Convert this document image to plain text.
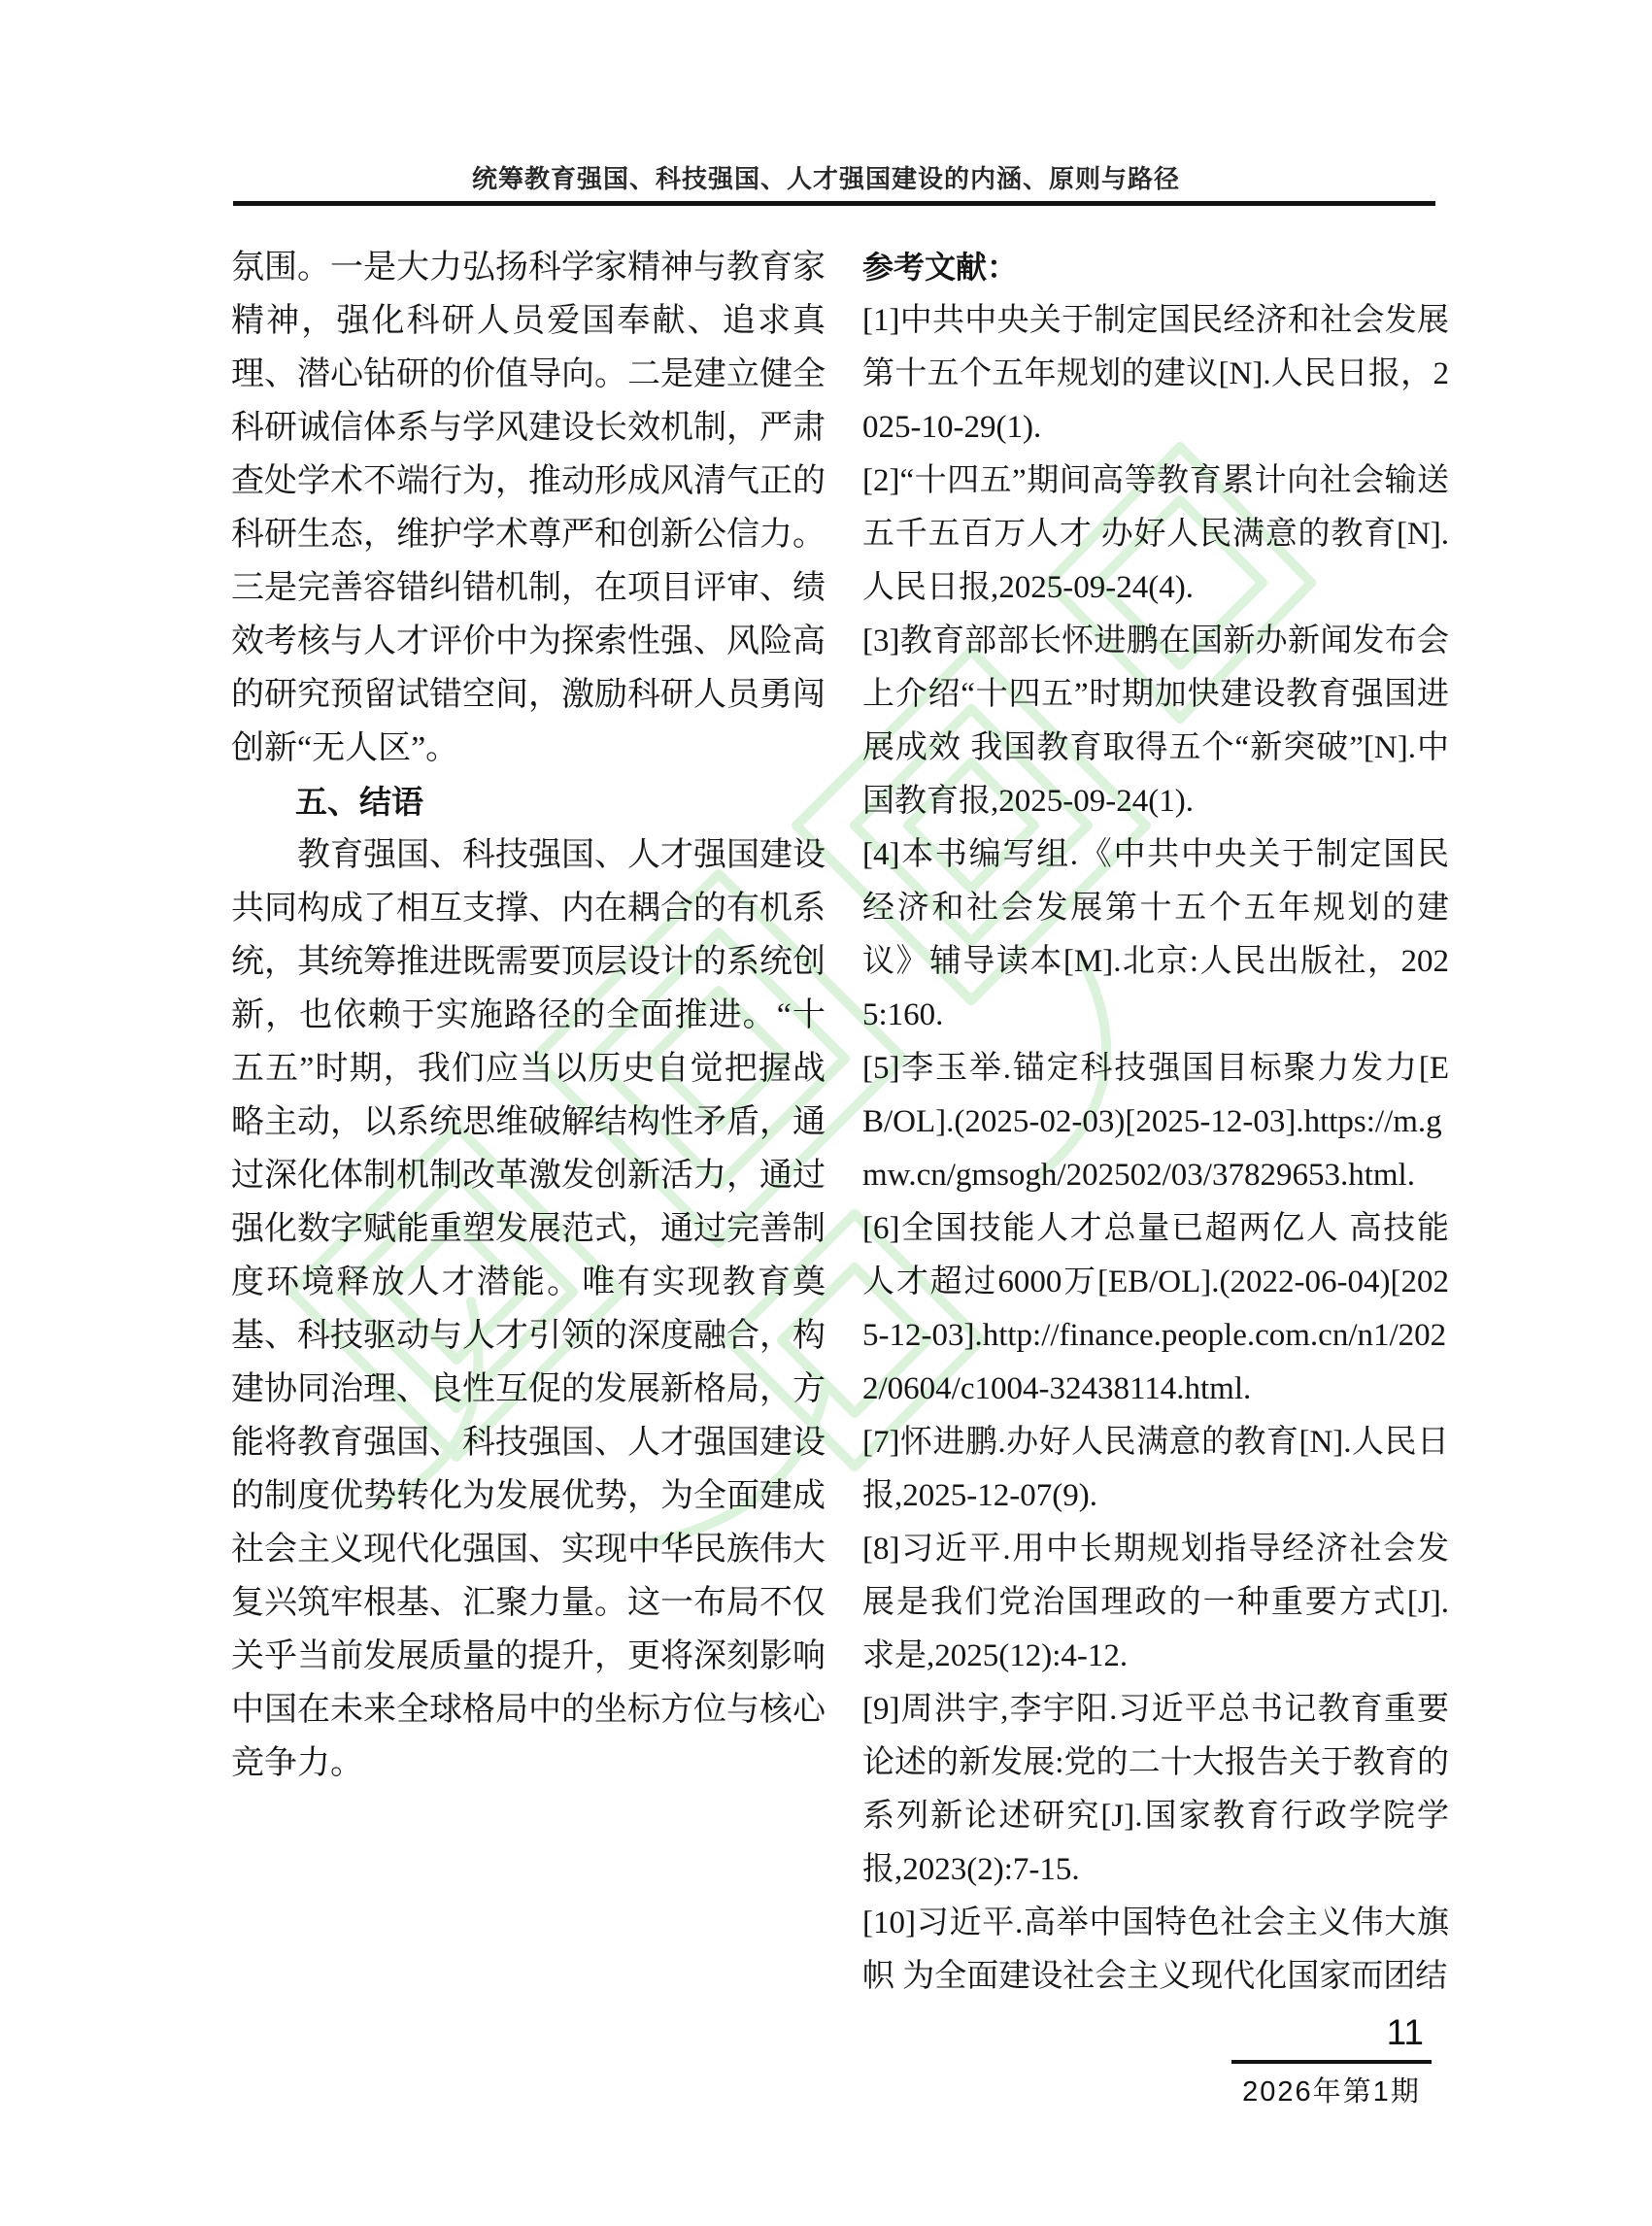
统筹教育强国、科技强国、人才强国建设的内涵、原则与路径

氛围。一是大力弘扬科学家精神与教育家精神，强化科研人员爱国奉献、追求真理、潜心钻研的价值导向。二是建立健全科研诚信体系与学风建设长效机制，严肃查处学术不端行为，推动形成风清气正的科研生态，维护学术尊严和创新公信力。三是完善容错纠错机制，在项目评审、绩效考核与人才评价中为探索性强、风险高的研究预留试错空间，激励科研人员勇闯创新“无人区”。

五、结语

教育强国、科技强国、人才强国建设共同构成了相互支撑、内在耦合的有机系统，其统筹推进既需要顶层设计的系统创新，也依赖于实施路径的全面推进。“十五五”时期，我们应当以历史自觉把握战略主动，以系统思维破解结构性矛盾，通过深化体制机制改革激发创新活力，通过强化数字赋能重塑发展范式，通过完善制度环境释放人才潜能。唯有实现教育奠基、科技驱动与人才引领的深度融合，构建协同治理、良性互促的发展新格局，方能将教育强国、科技强国、人才强国建设的制度优势转化为发展优势，为全面建成社会主义现代化强国、实现中华民族伟大复兴筑牢根基、汇聚力量。这一布局不仅关乎当前发展质量的提升，更将深刻影响中国在未来全球格局中的坐标方位与核心竞争力。

参考文献：

[1]中共中央关于制定国民经济和社会发展第十五个五年规划的建议[N].人民日报，2025-10-29(1).

[2]“十四五”期间高等教育累计向社会输送五千五百万人才 办好人民满意的教育[N].人民日报,2025-09-24(4).

[3]教育部部长怀进鹏在国新办新闻发布会上介绍“十四五”时期加快建设教育强国进展成效 我国教育取得五个“新突破”[N].中国教育报,2025-09-24(1).

[4]本书编写组.《中共中央关于制定国民经济和社会发展第十五个五年规划的建议》辅导读本[M].北京:人民出版社，2025:160.

[5]李玉举.锚定科技强国目标聚力发力[EB/OL].(2025-02-03)[2025-12-03].https://m.gmw.cn/gmsogh/202502/03/37829653.html.

[6]全国技能人才总量已超两亿人 高技能人才超过6000万[EB/OL].(2022-06-04)[2025-12-03].http://finance.people.com.cn/n1/2022/0604/c1004-32438114.html.

[7]怀进鹏.办好人民满意的教育[N].人民日报,2025-12-07(9).

[8]习近平.用中长期规划指导经济社会发展是我们党治国理政的一种重要方式[J].求是,2025(12):4-12.

[9]周洪宇,李宇阳.习近平总书记教育重要论述的新发展:党的二十大报告关于教育的系列新论述研究[J].国家教育行政学院学报,2023(2):7-15.

[10]习近平.高举中国特色社会主义伟大旗帜 为全面建设社会主义现代化国家而团结

11
2026年第1期
